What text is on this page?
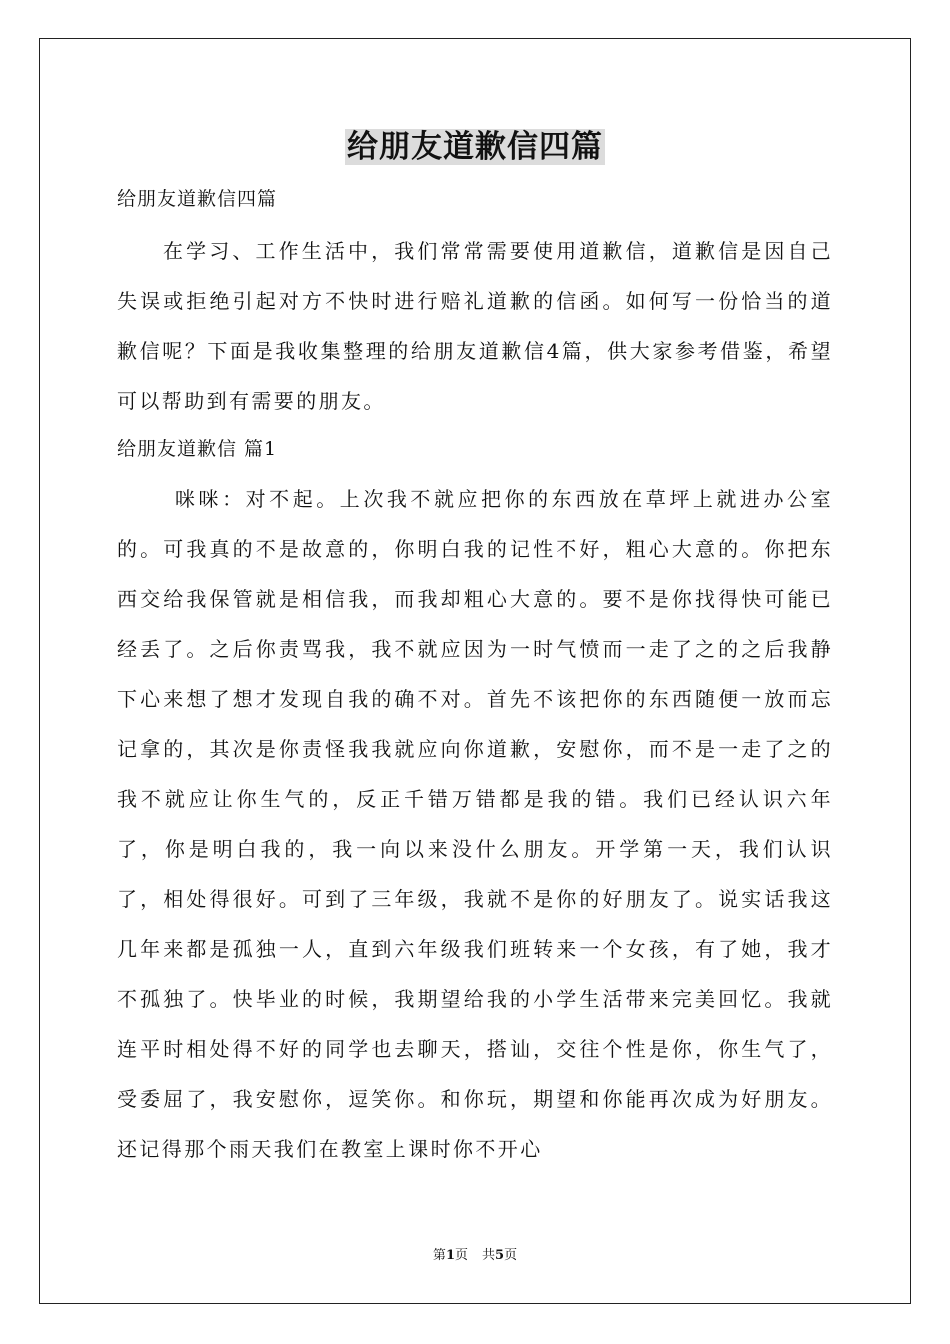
给朋友道歉信四篇

给朋友道歉信四篇

在学习、工作生活中，我们常常需要使用道歉信，道歉信是因自己失误或拒绝引起对方不快时进行赔礼道歉的信函。如何写一份恰当的道歉信呢？下面是我收集整理的给朋友道歉信4篇，供大家参考借鉴，希望可以帮助到有需要的朋友。

给朋友道歉信 篇1

咪咪：对不起。上次我不就应把你的东西放在草坪上就进办公室的。可我真的不是故意的，你明白我的记性不好，粗心大意的。你把东西交给我保管就是相信我，而我却粗心大意的。要不是你找得快可能已经丢了。之后你责骂我，我不就应因为一时气愤而一走了之的之后我静下心来想了想才发现自我的确不对。首先不该把你的东西随便一放而忘记拿的，其次是你责怪我我就应向你道歉，安慰你，而不是一走了之的我不就应让你生气的，反正千错万错都是我的错。我们已经认识六年了，你是明白我的，我一向以来没什么朋友。开学第一天，我们认识了，相处得很好。可到了三年级，我就不是你的好朋友了。说实话我这几年来都是孤独一人，直到六年级我们班转来一个女孩，有了她，我才不孤独了。快毕业的时候，我期望给我的小学生活带来完美回忆。我就连平时相处得不好的同学也去聊天，搭讪，交往个性是你，你生气了，受委屈了，我安慰你，逗笑你。和你玩，期望和你能再次成为好朋友。还记得那个雨天我们在教室上课时你不开心

第1页 共5页
